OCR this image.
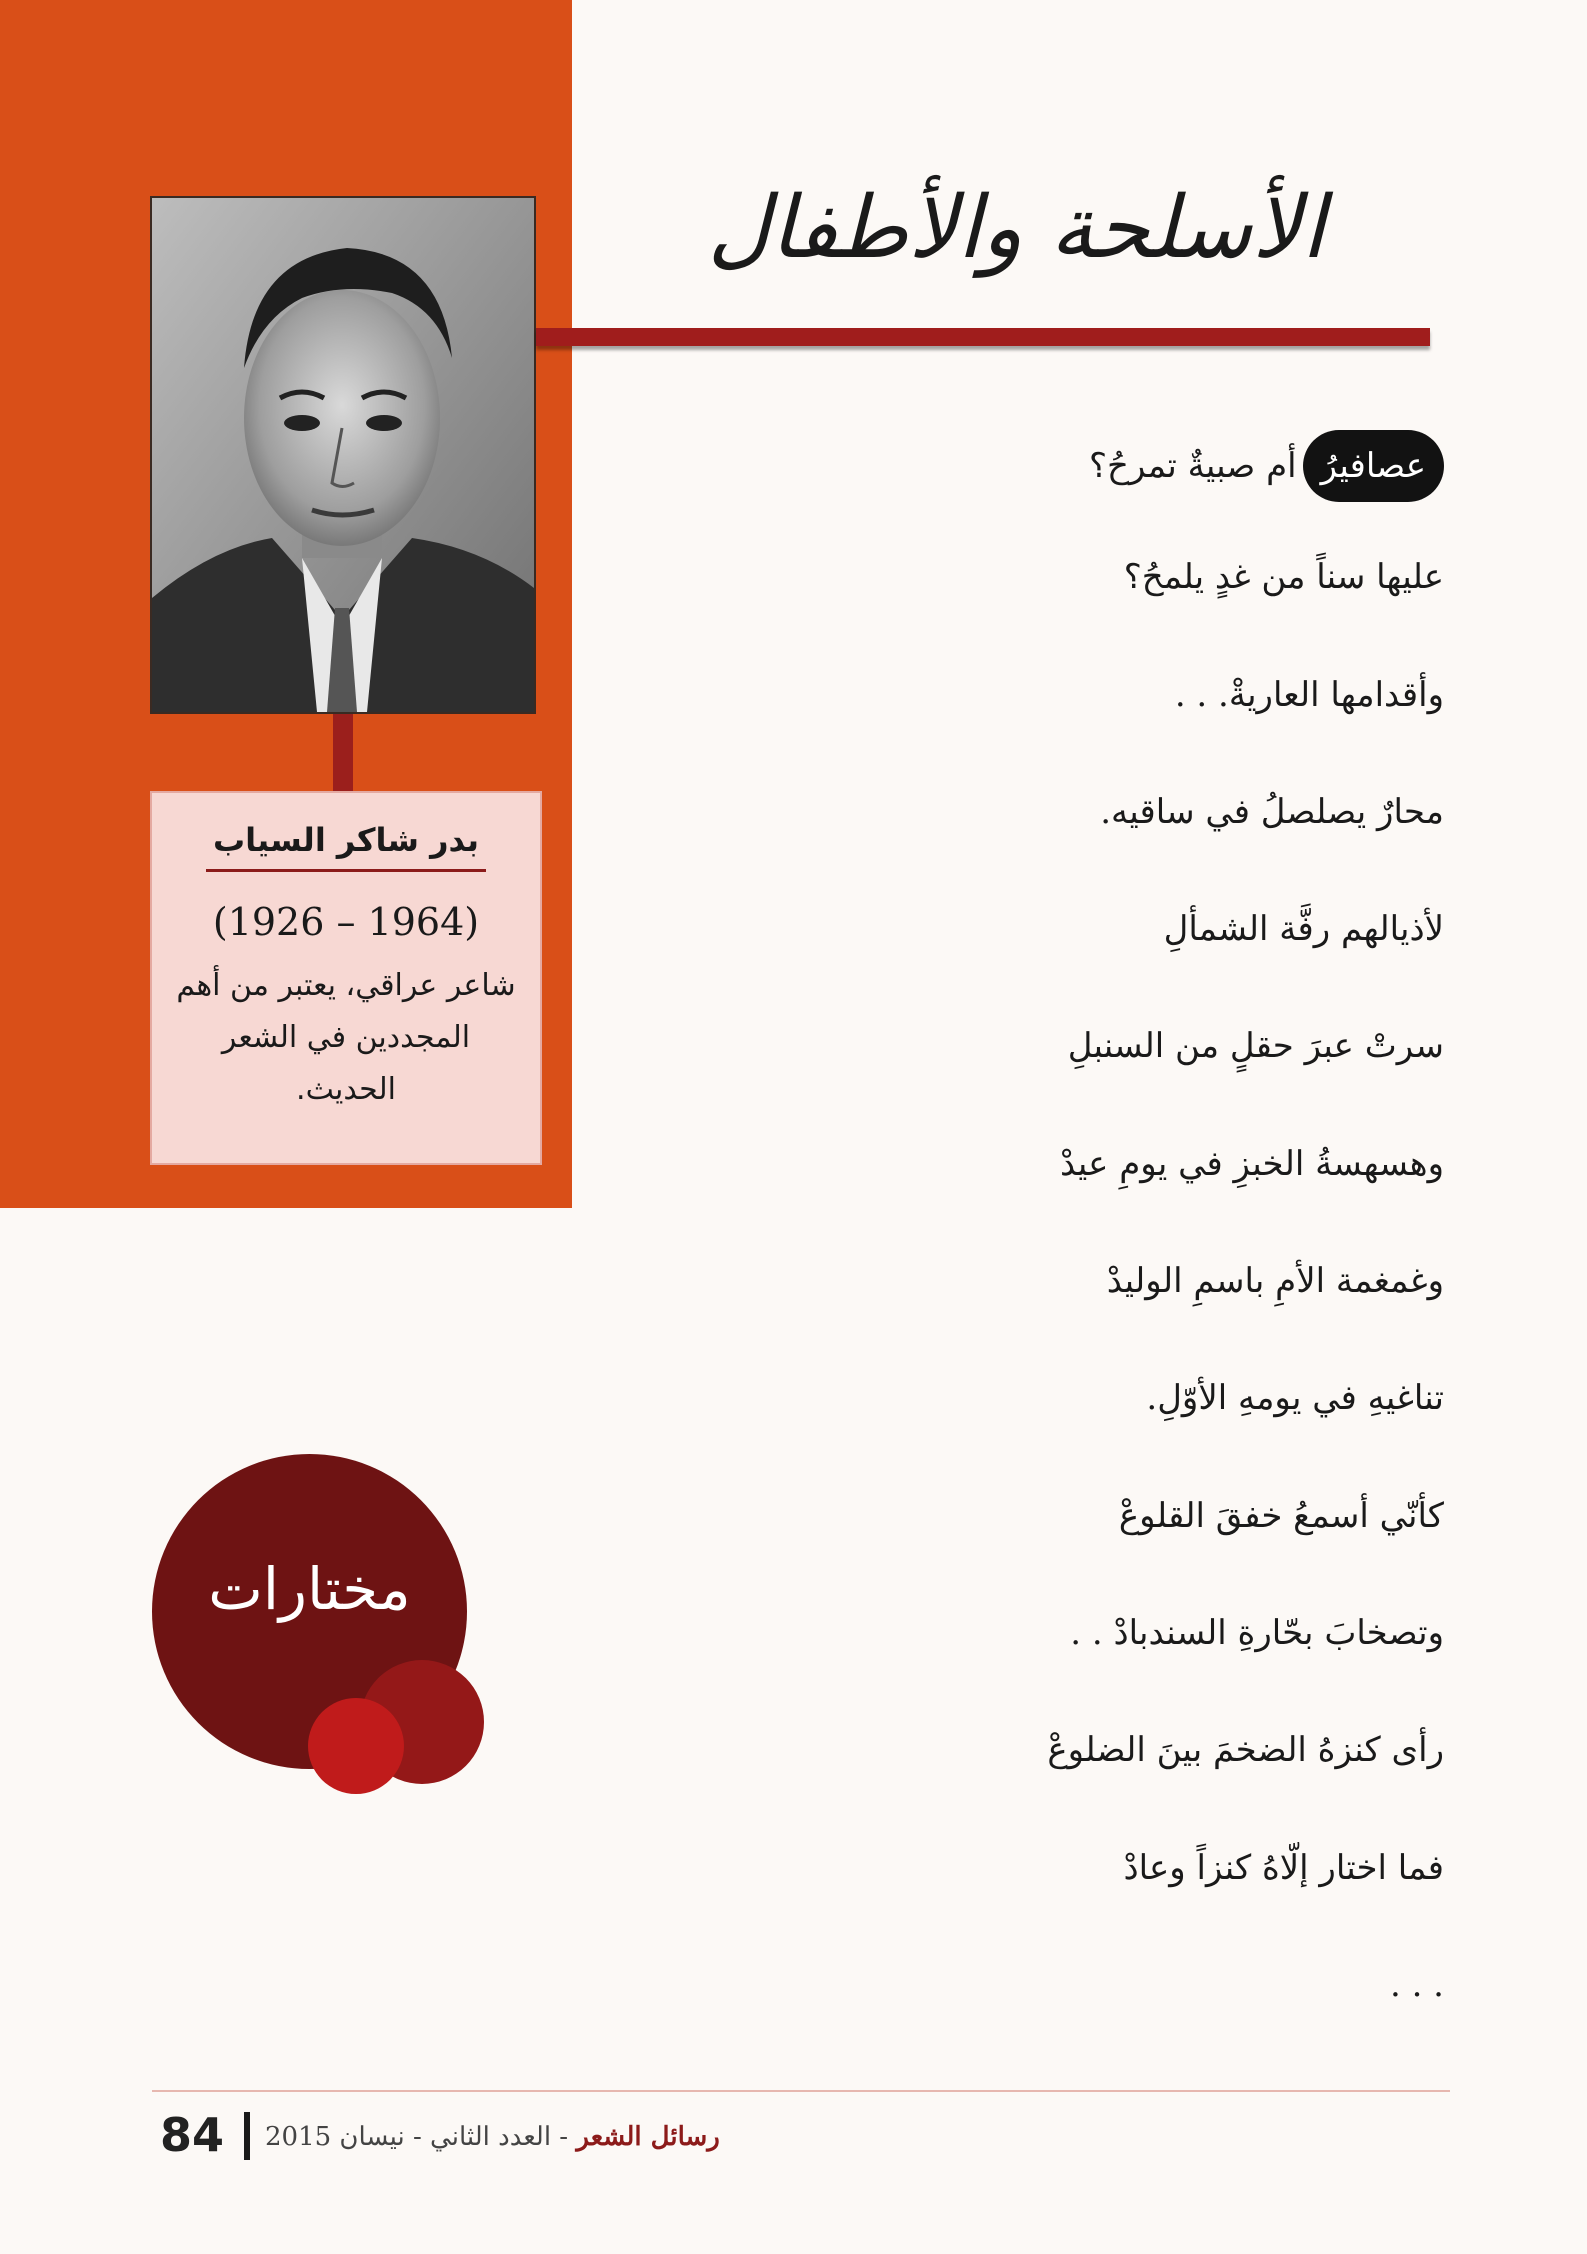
بدر شاكر السياب
(1926 – 1964)
شاعر عراقي، يعتبر من أهم المجددين في الشعر الحديث.
الأسلحة والأطفال
عصافيرُأم صبيةٌ تمرحُ؟
عليها سناً من غدٍ يلمحُ؟
وأقدامها العاريةْ. . .
محارٌ يصلصلُ في ساقيه.
لأذيالهم رفَّة الشمألِ
سرتْ عبرَ حقلٍ من السنبلِ
وهسهسةُ الخبزِ في يومِ عيدْ
وغمغمة الأمِ باسمِ الوليدْ
تناغيهِ في يومهِ الأوّلِ.
كأنّي أسمعُ خفقَ القلوعْ
وتصخابَ بحّارةِ السندبادْ . .
رأى كنزهُ الضخمَ بينَ الضلوعْ
فما اختار إلّاهُ كنزاً وعادْ
. . .
مختارات
84	رسائل الشعر - العدد الثاني - نيسان 2015
